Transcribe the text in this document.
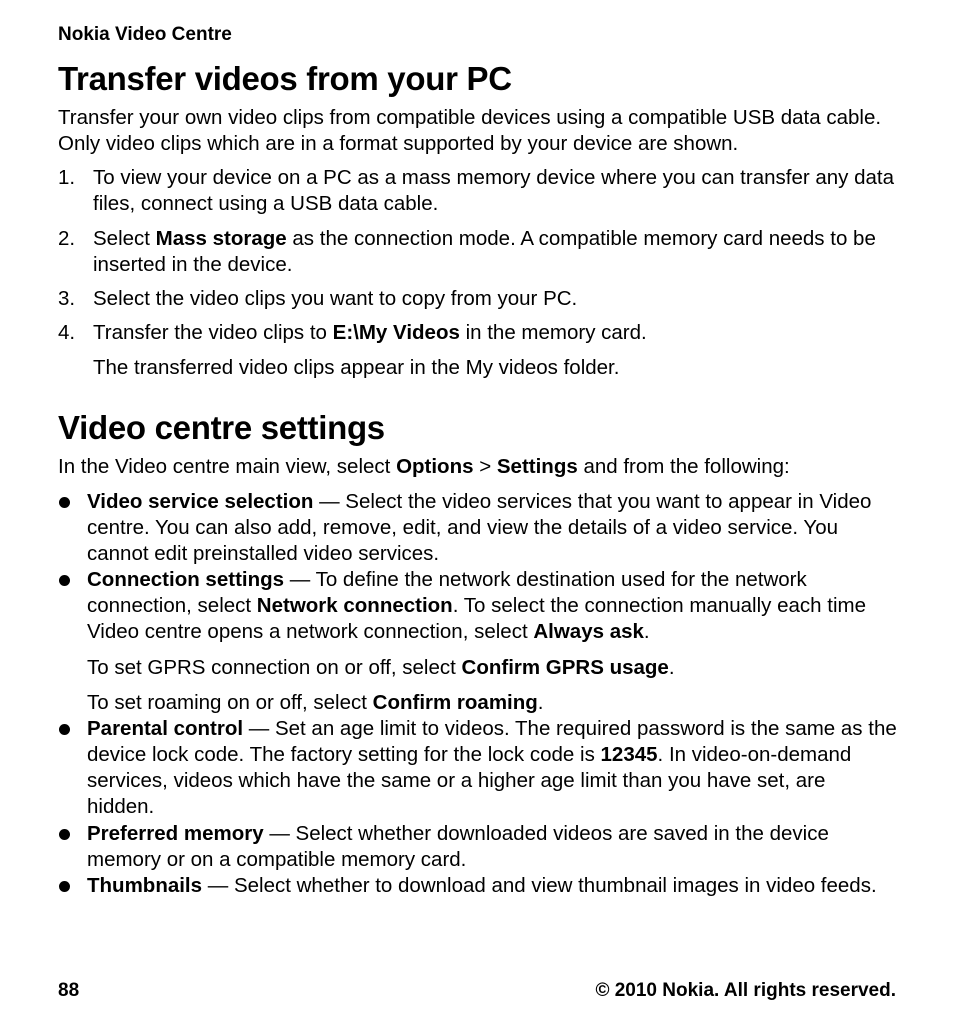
Nokia Video Centre
Transfer videos from your PC

Transfer your own video clips from compatible devices using a compatible USB data cable. Only video clips which are in a format supported by your device are shown.

1. To view your device on a PC as a mass memory device where you can transfer any data files, connect using a USB data cable.
2. Select Mass storage as the connection mode. A compatible memory card needs to be inserted in the device.
3. Select the video clips you want to copy from your PC.
4. Transfer the video clips to E:\My Videos in the memory card.
The transferred video clips appear in the My videos folder.
Video centre settings

In the Video centre main view, select Options > Settings and from the following:

Video service selection — Select the video services that you want to appear in Video centre. You can also add, remove, edit, and view the details of a video service. You cannot edit preinstalled video services.
Connection settings — To define the network destination used for the network connection, select Network connection. To select the connection manually each time Video centre opens a network connection, select Always ask.
To set GPRS connection on or off, select Confirm GPRS usage.
To set roaming on or off, select Confirm roaming.
Parental control — Set an age limit to videos. The required password is the same as the device lock code. The factory setting for the lock code is 12345. In video-on-demand services, videos which have the same or a higher age limit than you have set, are hidden.
Preferred memory — Select whether downloaded videos are saved in the device memory or on a compatible memory card.
Thumbnails — Select whether to download and view thumbnail images in video feeds.
88	© 2010 Nokia. All rights reserved.
